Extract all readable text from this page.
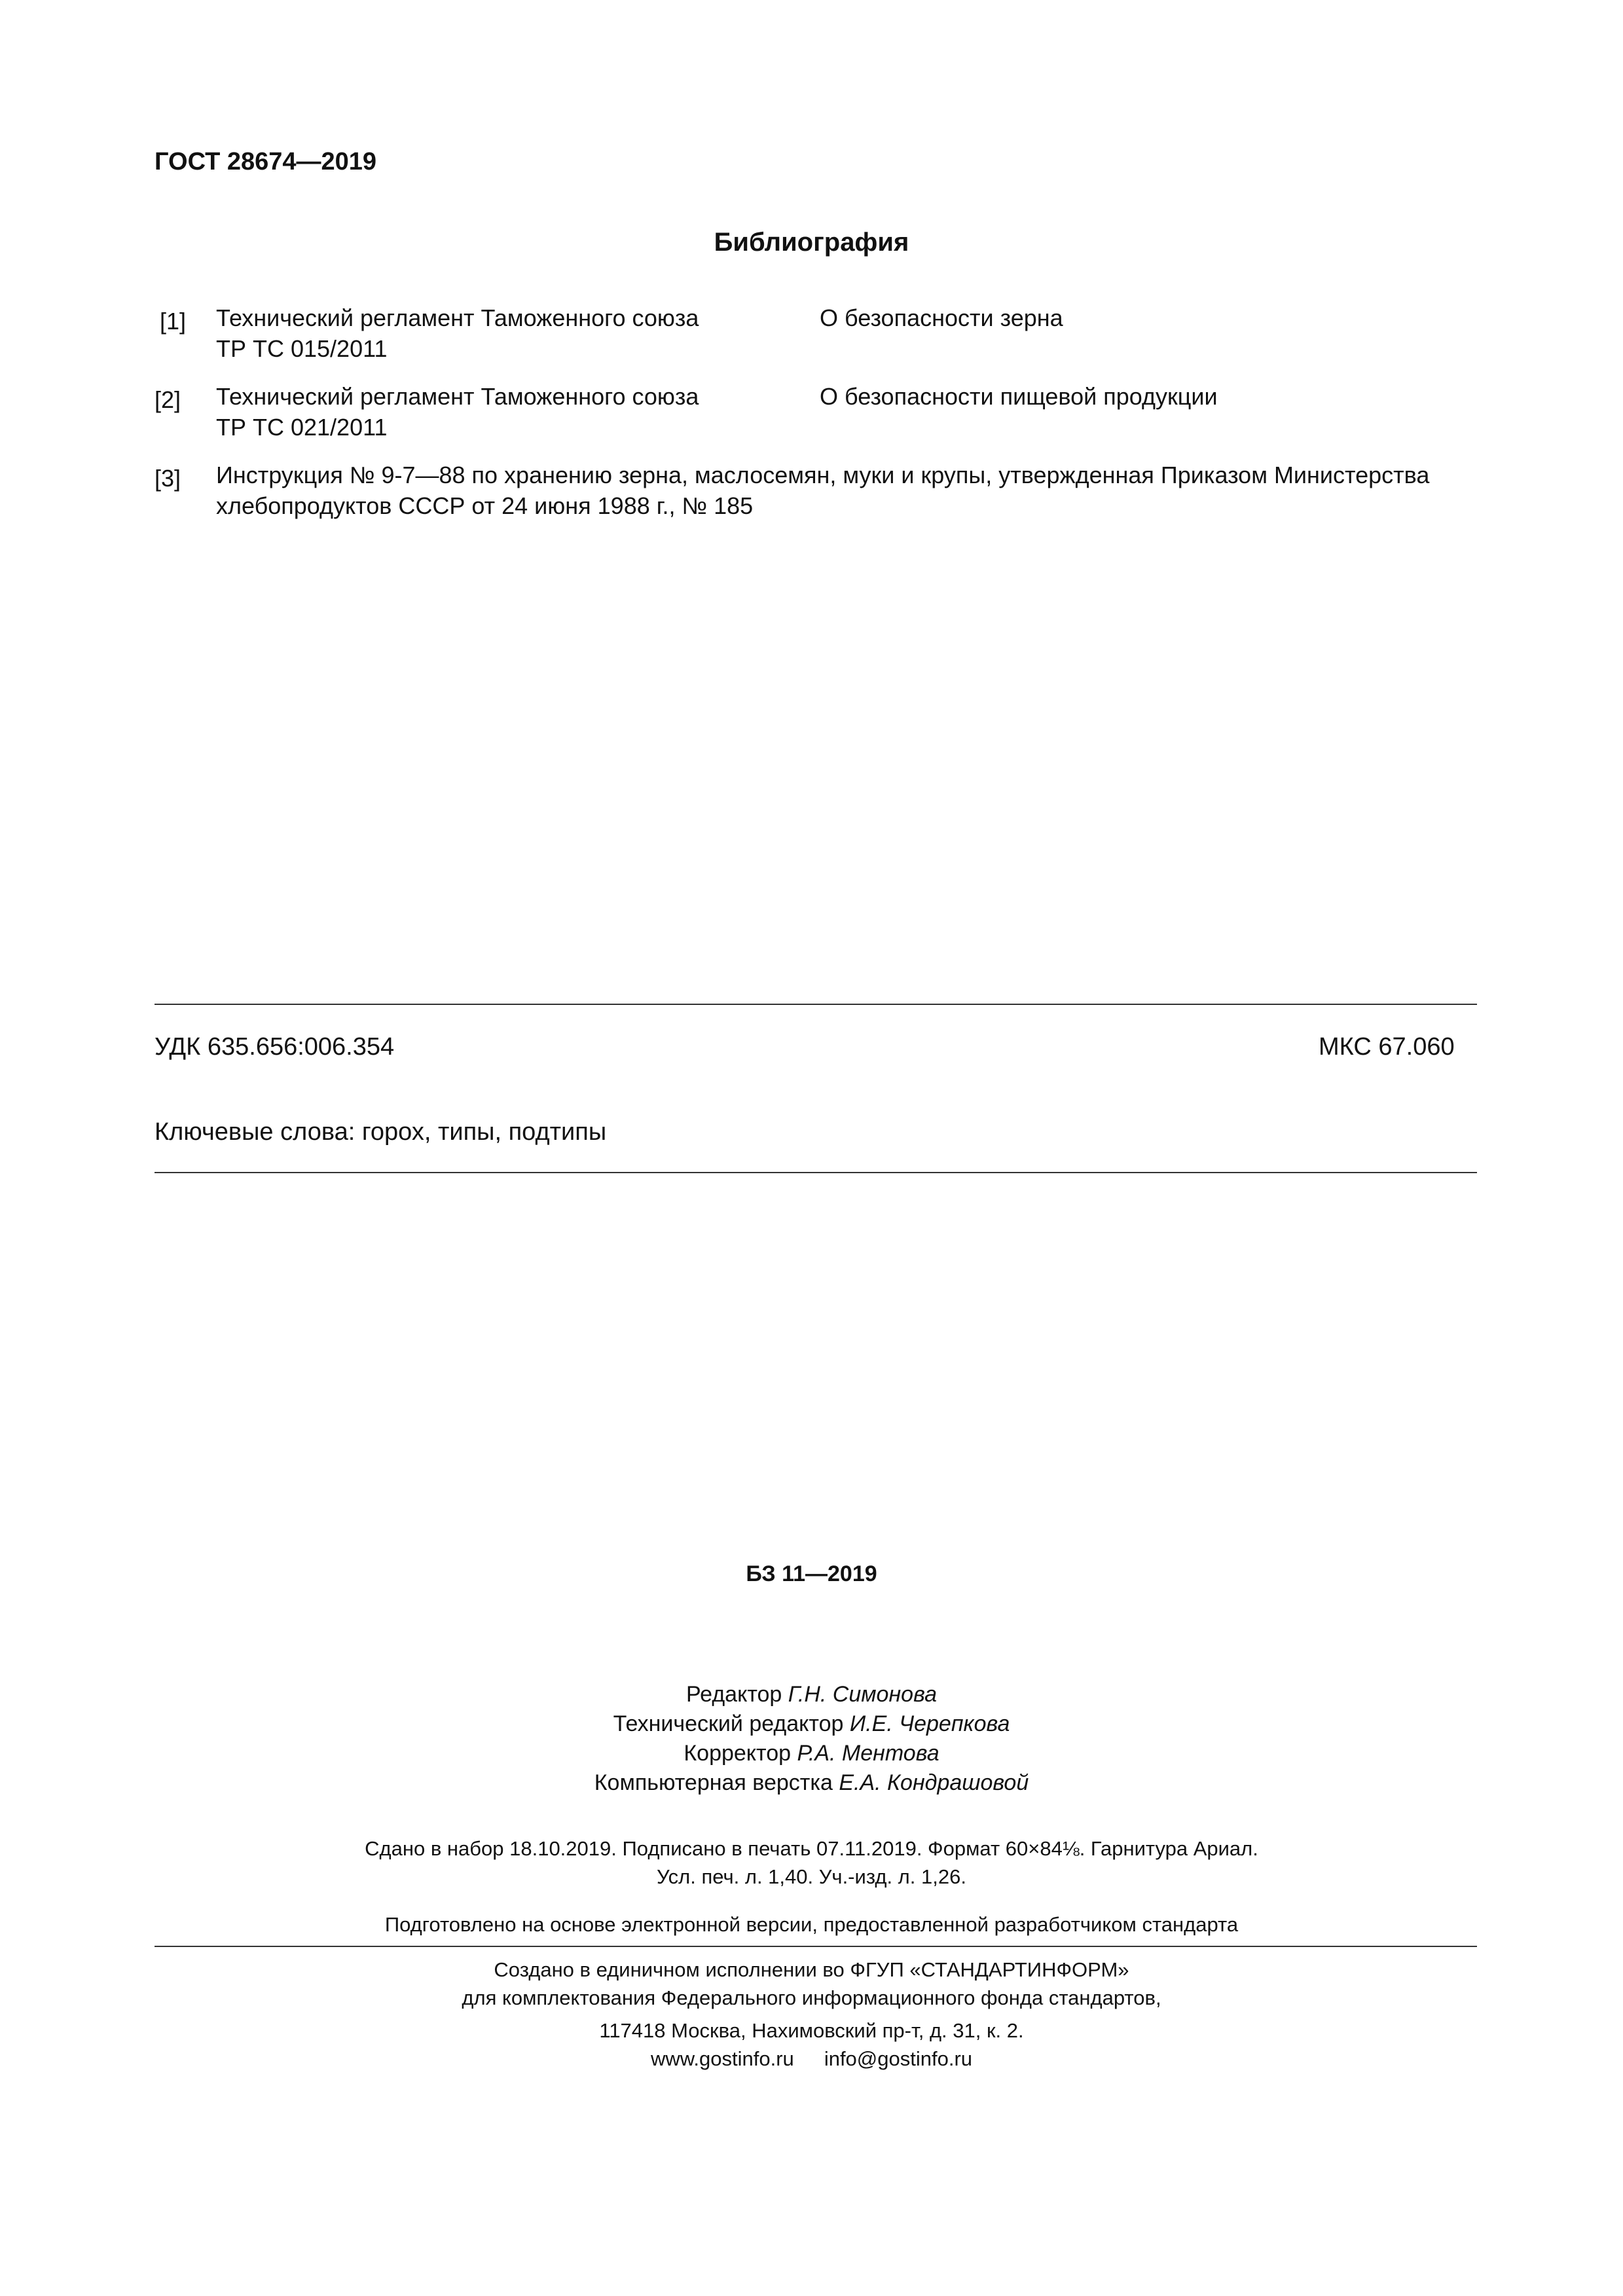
ГОСТ 28674—2019
Библиография
[1] Технический регламент Таможенного союза
ТР ТС 015/2011
О безопасности зерна
[2] Технический регламент Таможенного союза
ТР ТС 021/2011
О безопасности пищевой продукции
[3] Инструкция № 9-7—88 по хранению зерна, маслосемян, муки и крупы, утвержденная Приказом Министерства
хлебопродуктов СССР от 24 июня 1988 г., № 185
УДК 635.656:006.354	МКС 67.060
Ключевые слова: горох, типы, подтипы
БЗ 11—2019
Редактор Г.Н. Симонова
Технический редактор И.Е. Черепкова
Корректор Р.А. Ментова
Компьютерная верстка Е.А. Кондрашовой
Сдано в набор 18.10.2019. Подписано в печать 07.11.2019. Формат 60×84⅛. Гарнитура Ариал.
Усл. печ. л. 1,40. Уч.-изд. л. 1,26.
Подготовлено на основе электронной версии, предоставленной разработчиком стандарта
Создано в единичном исполнении во ФГУП «СТАНДАРТИНФОРМ»
для комплектования Федерального информационного фонда стандартов,
117418 Москва, Нахимовский пр-т, д. 31, к. 2.
www.gostinfo.ru info@gostinfo.ru
